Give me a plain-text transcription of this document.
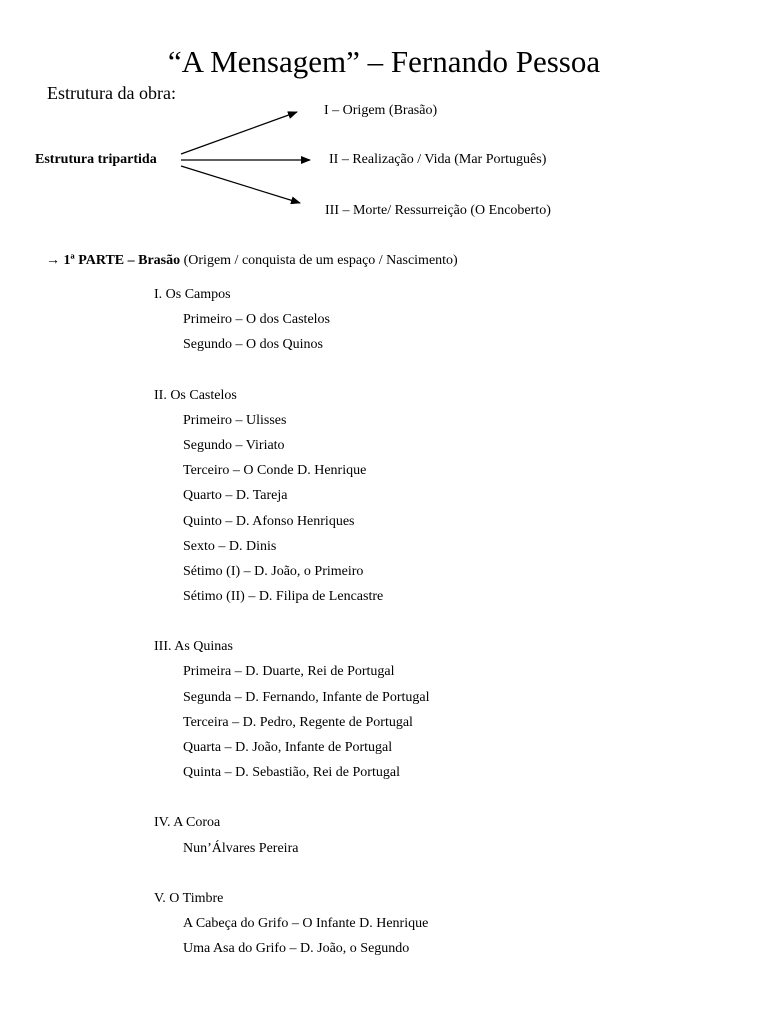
“A Mensagem” – Fernando Pessoa
Estrutura da obra:
Estrutura tripartida
I – Origem (Brasão)
II – Realização / Vida (Mar Português)
III – Morte/ Ressurreição (O Encoberto)
→ 1ª PARTE – Brasão (Origem / conquista de um espaço / Nascimento)
I. Os Campos
Primeiro – O dos Castelos
Segundo – O dos Quinos
II. Os Castelos
Primeiro – Ulisses
Segundo – Viriato
Terceiro – O Conde D. Henrique
Quarto – D. Tareja
Quinto – D. Afonso Henriques
Sexto – D. Dinis
Sétimo (I) – D. João, o Primeiro
Sétimo (II) – D. Filipa de Lencastre
III. As Quinas
Primeira – D. Duarte, Rei de Portugal
Segunda – D. Fernando, Infante de Portugal
Terceira – D. Pedro, Regente de Portugal
Quarta – D. João, Infante de Portugal
Quinta – D. Sebastião, Rei de Portugal
IV. A Coroa
Nun’Álvares Pereira
V. O Timbre
A Cabeça do Grifo – O Infante D. Henrique
Uma Asa do Grifo – D. João, o Segundo
